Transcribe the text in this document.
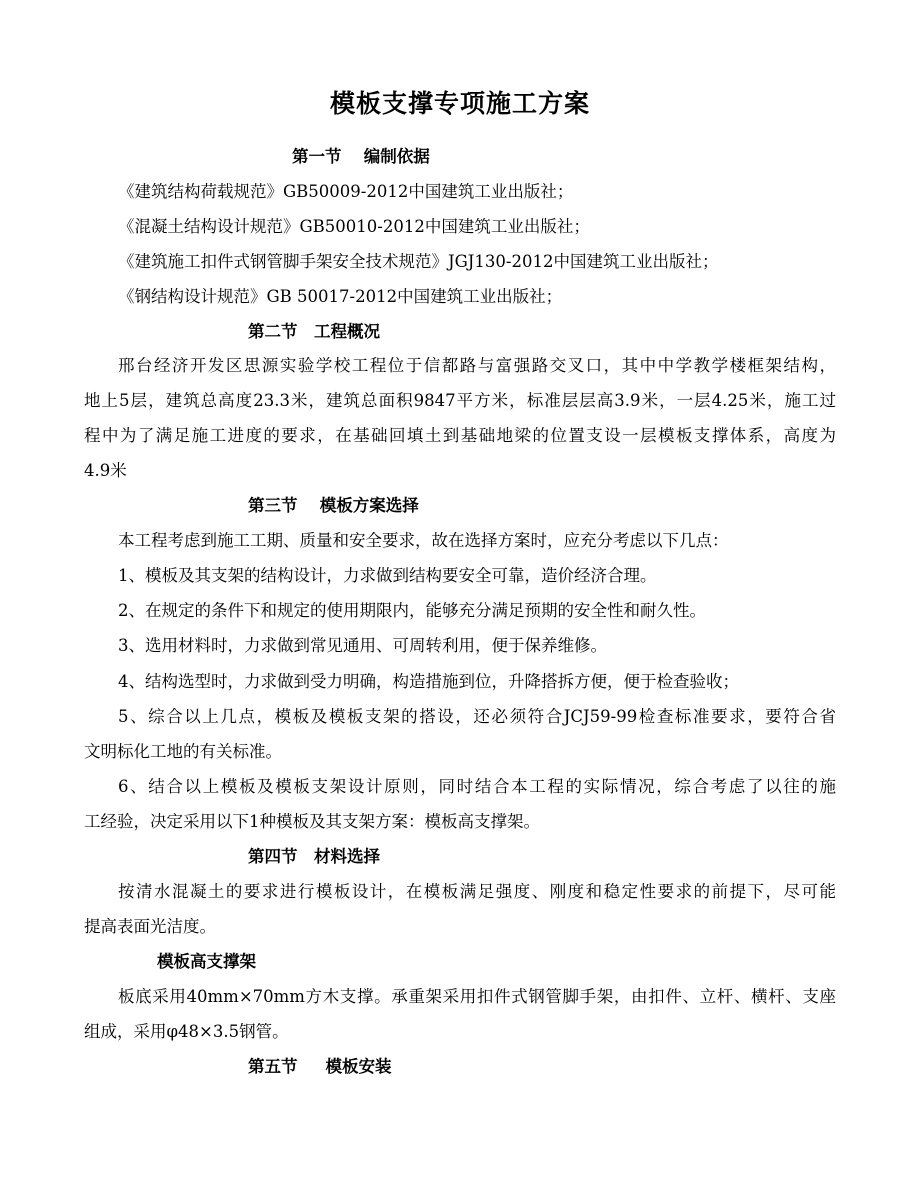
模板支撑专项施工方案
第一节　 编制依据
《建筑结构荷载规范》GB50009-2012中国建筑工业出版社；
《混凝土结构设计规范》GB50010-2012中国建筑工业出版社；
《建筑施工扣件式钢管脚手架安全技术规范》JGJ130-2012中国建筑工业出版社；
《钢结构设计规范》GB 50017-2012中国建筑工业出版社；
第二节　工程概况
邢台经济开发区思源实验学校工程位于信都路与富强路交叉口，其中中学教学楼框架结构，
地上5层，建筑总高度23.3米，建筑总面积9847平方米，标准层层高3.9米，一层4.25米，施工过
程中为了满足施工进度的要求，在基础回填土到基础地梁的位置支设一层模板支撑体系，高度为
4.9米
第三节　 模板方案选择
本工程考虑到施工工期、质量和安全要求，故在选择方案时，应充分考虑以下几点：
1、模板及其支架的结构设计，力求做到结构要安全可靠，造价经济合理。
2、在规定的条件下和规定的使用期限内，能够充分满足预期的安全性和耐久性。
3、选用材料时，力求做到常见通用、可周转利用，便于保养维修。
4、结构选型时，力求做到受力明确，构造措施到位，升降搭拆方便，便于检查验收；
5、综合以上几点，模板及模板支架的搭设，还必须符合JCJ59-99检查标准要求，要符合省
文明标化工地的有关标准。
6、结合以上模板及模板支架设计原则，同时结合本工程的实际情况，综合考虑了以往的施
工经验，决定采用以下1种模板及其支架方案：模板高支撑架。
第四节　材料选择
按清水混凝土的要求进行模板设计，在模板满足强度、刚度和稳定性要求的前提下，尽可能
提高表面光洁度。
模板高支撑架
板底采用40mm×70mm方木支撑。承重架采用扣件式钢管脚手架，由扣件、立杆、横杆、支座
组成，采用φ48×3.5钢管。
第五节 　 模板安装
